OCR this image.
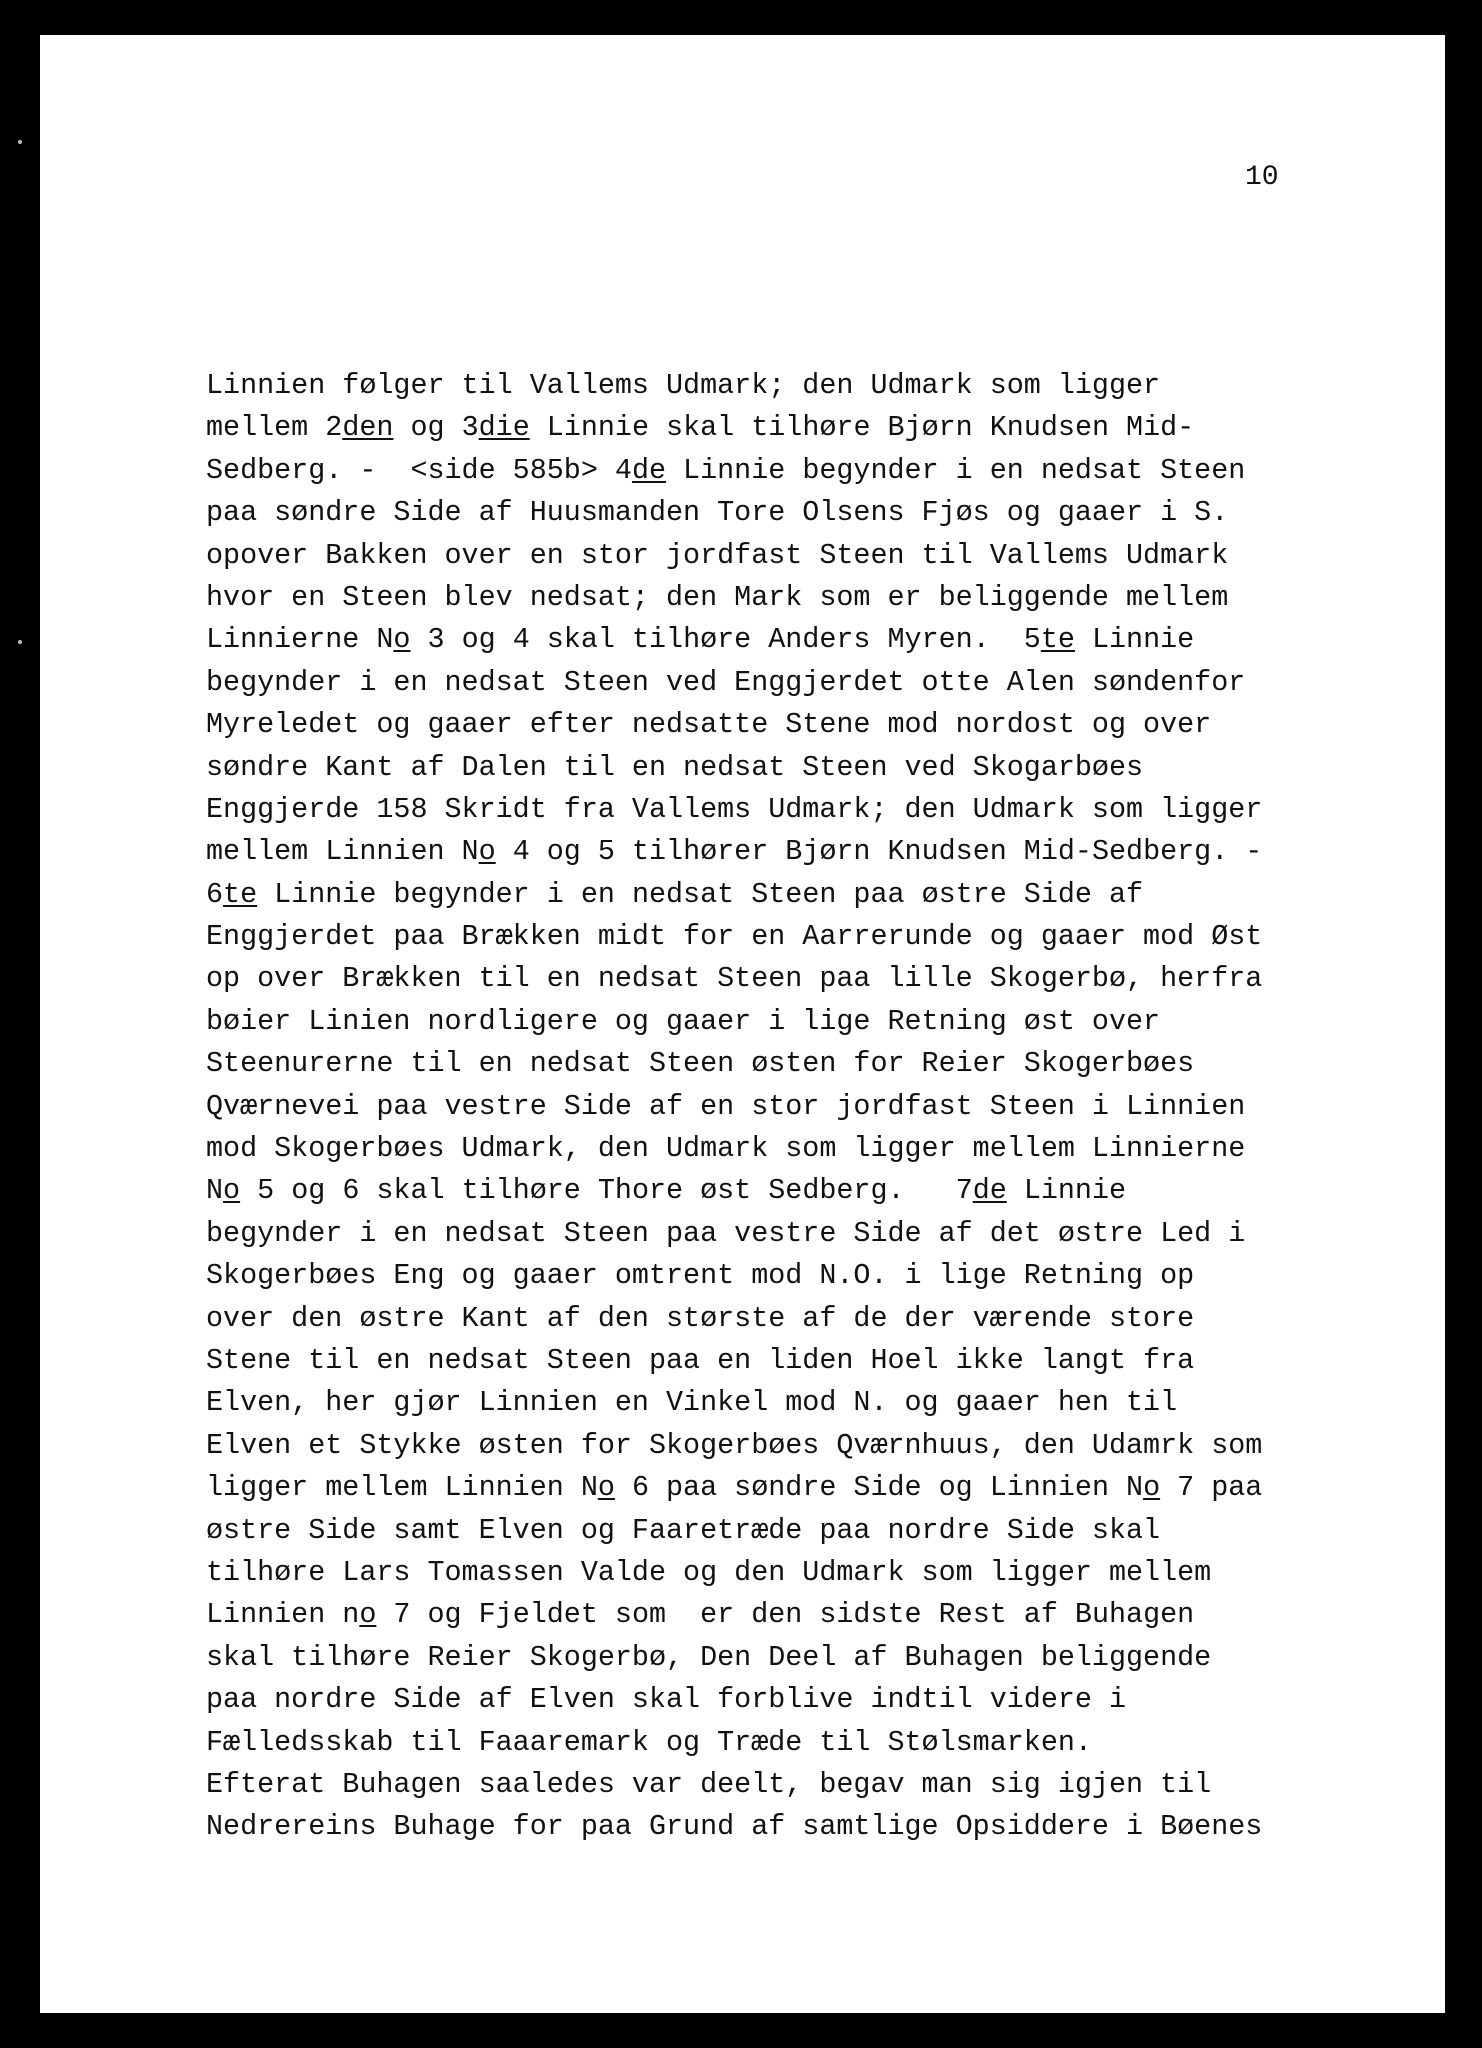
10
Linnien følger til Vallems Udmark; den Udmark som ligger
mellem 2den og 3die Linnie skal tilhøre Bjørn Knudsen Mid-
Sedberg. -  <side 585b> 4de Linnie begynder i en nedsat Steen
paa søndre Side af Huusmanden Tore Olsens Fjøs og gaaer i S.
opover Bakken over en stor jordfast Steen til Vallems Udmark
hvor en Steen blev nedsat; den Mark som er beliggende mellem
Linnierne No 3 og 4 skal tilhøre Anders Myren.  5te Linnie
begynder i en nedsat Steen ved Enggjerdet otte Alen søndenfor
Myreledet og gaaer efter nedsatte Stene mod nordost og over
søndre Kant af Dalen til en nedsat Steen ved Skogarbøes
Enggjerde 158 Skridt fra Vallems Udmark; den Udmark som ligger
mellem Linnien No 4 og 5 tilhører Bjørn Knudsen Mid-Sedberg. -
6te Linnie begynder i en nedsat Steen paa østre Side af
Enggjerdet paa Brækken midt for en Aarrerunde og gaaer mod Øst
op over Brækken til en nedsat Steen paa lille Skogerbø, herfra
bøier Linien nordligere og gaaer i lige Retning øst over
Steenurerne til en nedsat Steen østen for Reier Skogerbøes
Qværnevei paa vestre Side af en stor jordfast Steen i Linnien
mod Skogerbøes Udmark, den Udmark som ligger mellem Linnierne
No 5 og 6 skal tilhøre Thore øst Sedberg.   7de Linnie
begynder i en nedsat Steen paa vestre Side af det østre Led i
Skogerbøes Eng og gaaer omtrent mod N.O. i lige Retning op
over den østre Kant af den største af de der værende store
Stene til en nedsat Steen paa en liden Hoel ikke langt fra
Elven, her gjør Linnien en Vinkel mod N. og gaaer hen til
Elven et Stykke østen for Skogerbøes Qværnhuus, den Udamrk som
ligger mellem Linnien No 6 paa søndre Side og Linnien No 7 paa
østre Side samt Elven og Faaretræde paa nordre Side skal
tilhøre Lars Tomassen Valde og den Udmark som ligger mellem
Linnien no 7 og Fjeldet som  er den sidste Rest af Buhagen
skal tilhøre Reier Skogerbø, Den Deel af Buhagen beliggende
paa nordre Side af Elven skal forblive indtil videre i
Fælledsskab til Faaaremark og Træde til Stølsmarken.
Efterat Buhagen saaledes var deelt, begav man sig igjen til
Nedrereins Buhage for paa Grund af samtlige Opsiddere i Bøenes
